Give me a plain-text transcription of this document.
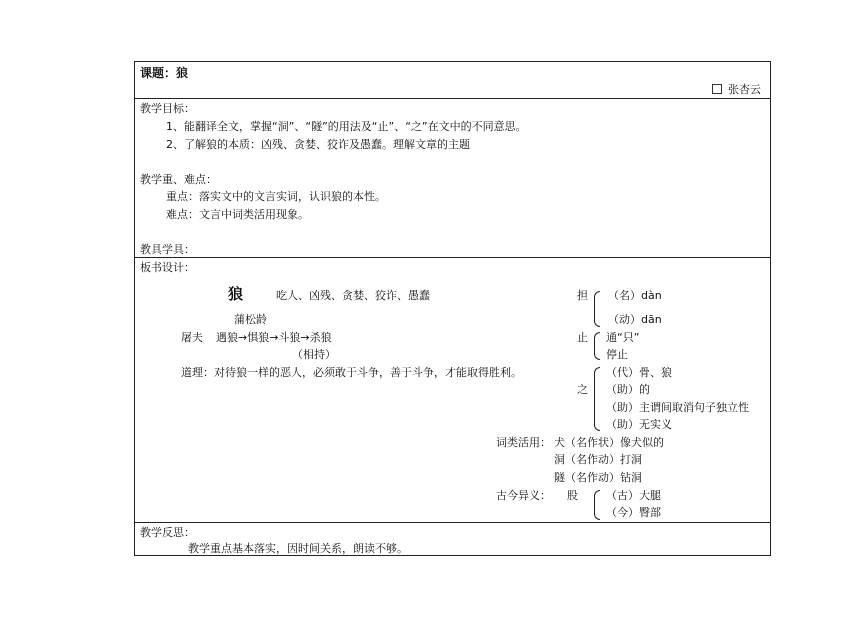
课题：狼
张杏云
教学目标：
1、能翻译全文，掌握“洞”、“隧”的用法及“止”、“之”在文中的不同意思。
2、了解狼的本质：凶残、贪婪、狡诈及愚蠢。理解文章的主题
教学重、难点：
重点：落实文中的文言实词，认识狼的本性。
难点：文言中词类活用现象。
教具学具：
板书设计：
狼	吃人、凶残、贪婪、狡诈、愚蠢
蒲松龄
屠夫 遇狼→惧狼→斗狼→杀狼
（相持）
道理：对待狼一样的恶人，必须敢于斗争，善于斗争，才能取得胜利。
担 （名）dàn
（动）dān
止 通“只”
停止
之
（代）骨、狼
（助）的
（助）主谓间取消句子独立性
（助）无实义
词类活用： 犬（名作状）像犬似的
洞（名作动）打洞
隧（名作动）钻洞
古今异义： 股	（古）大腿
（今）臀部
教学反思：
教学重点基本落实，因时间关系，朗读不够。
